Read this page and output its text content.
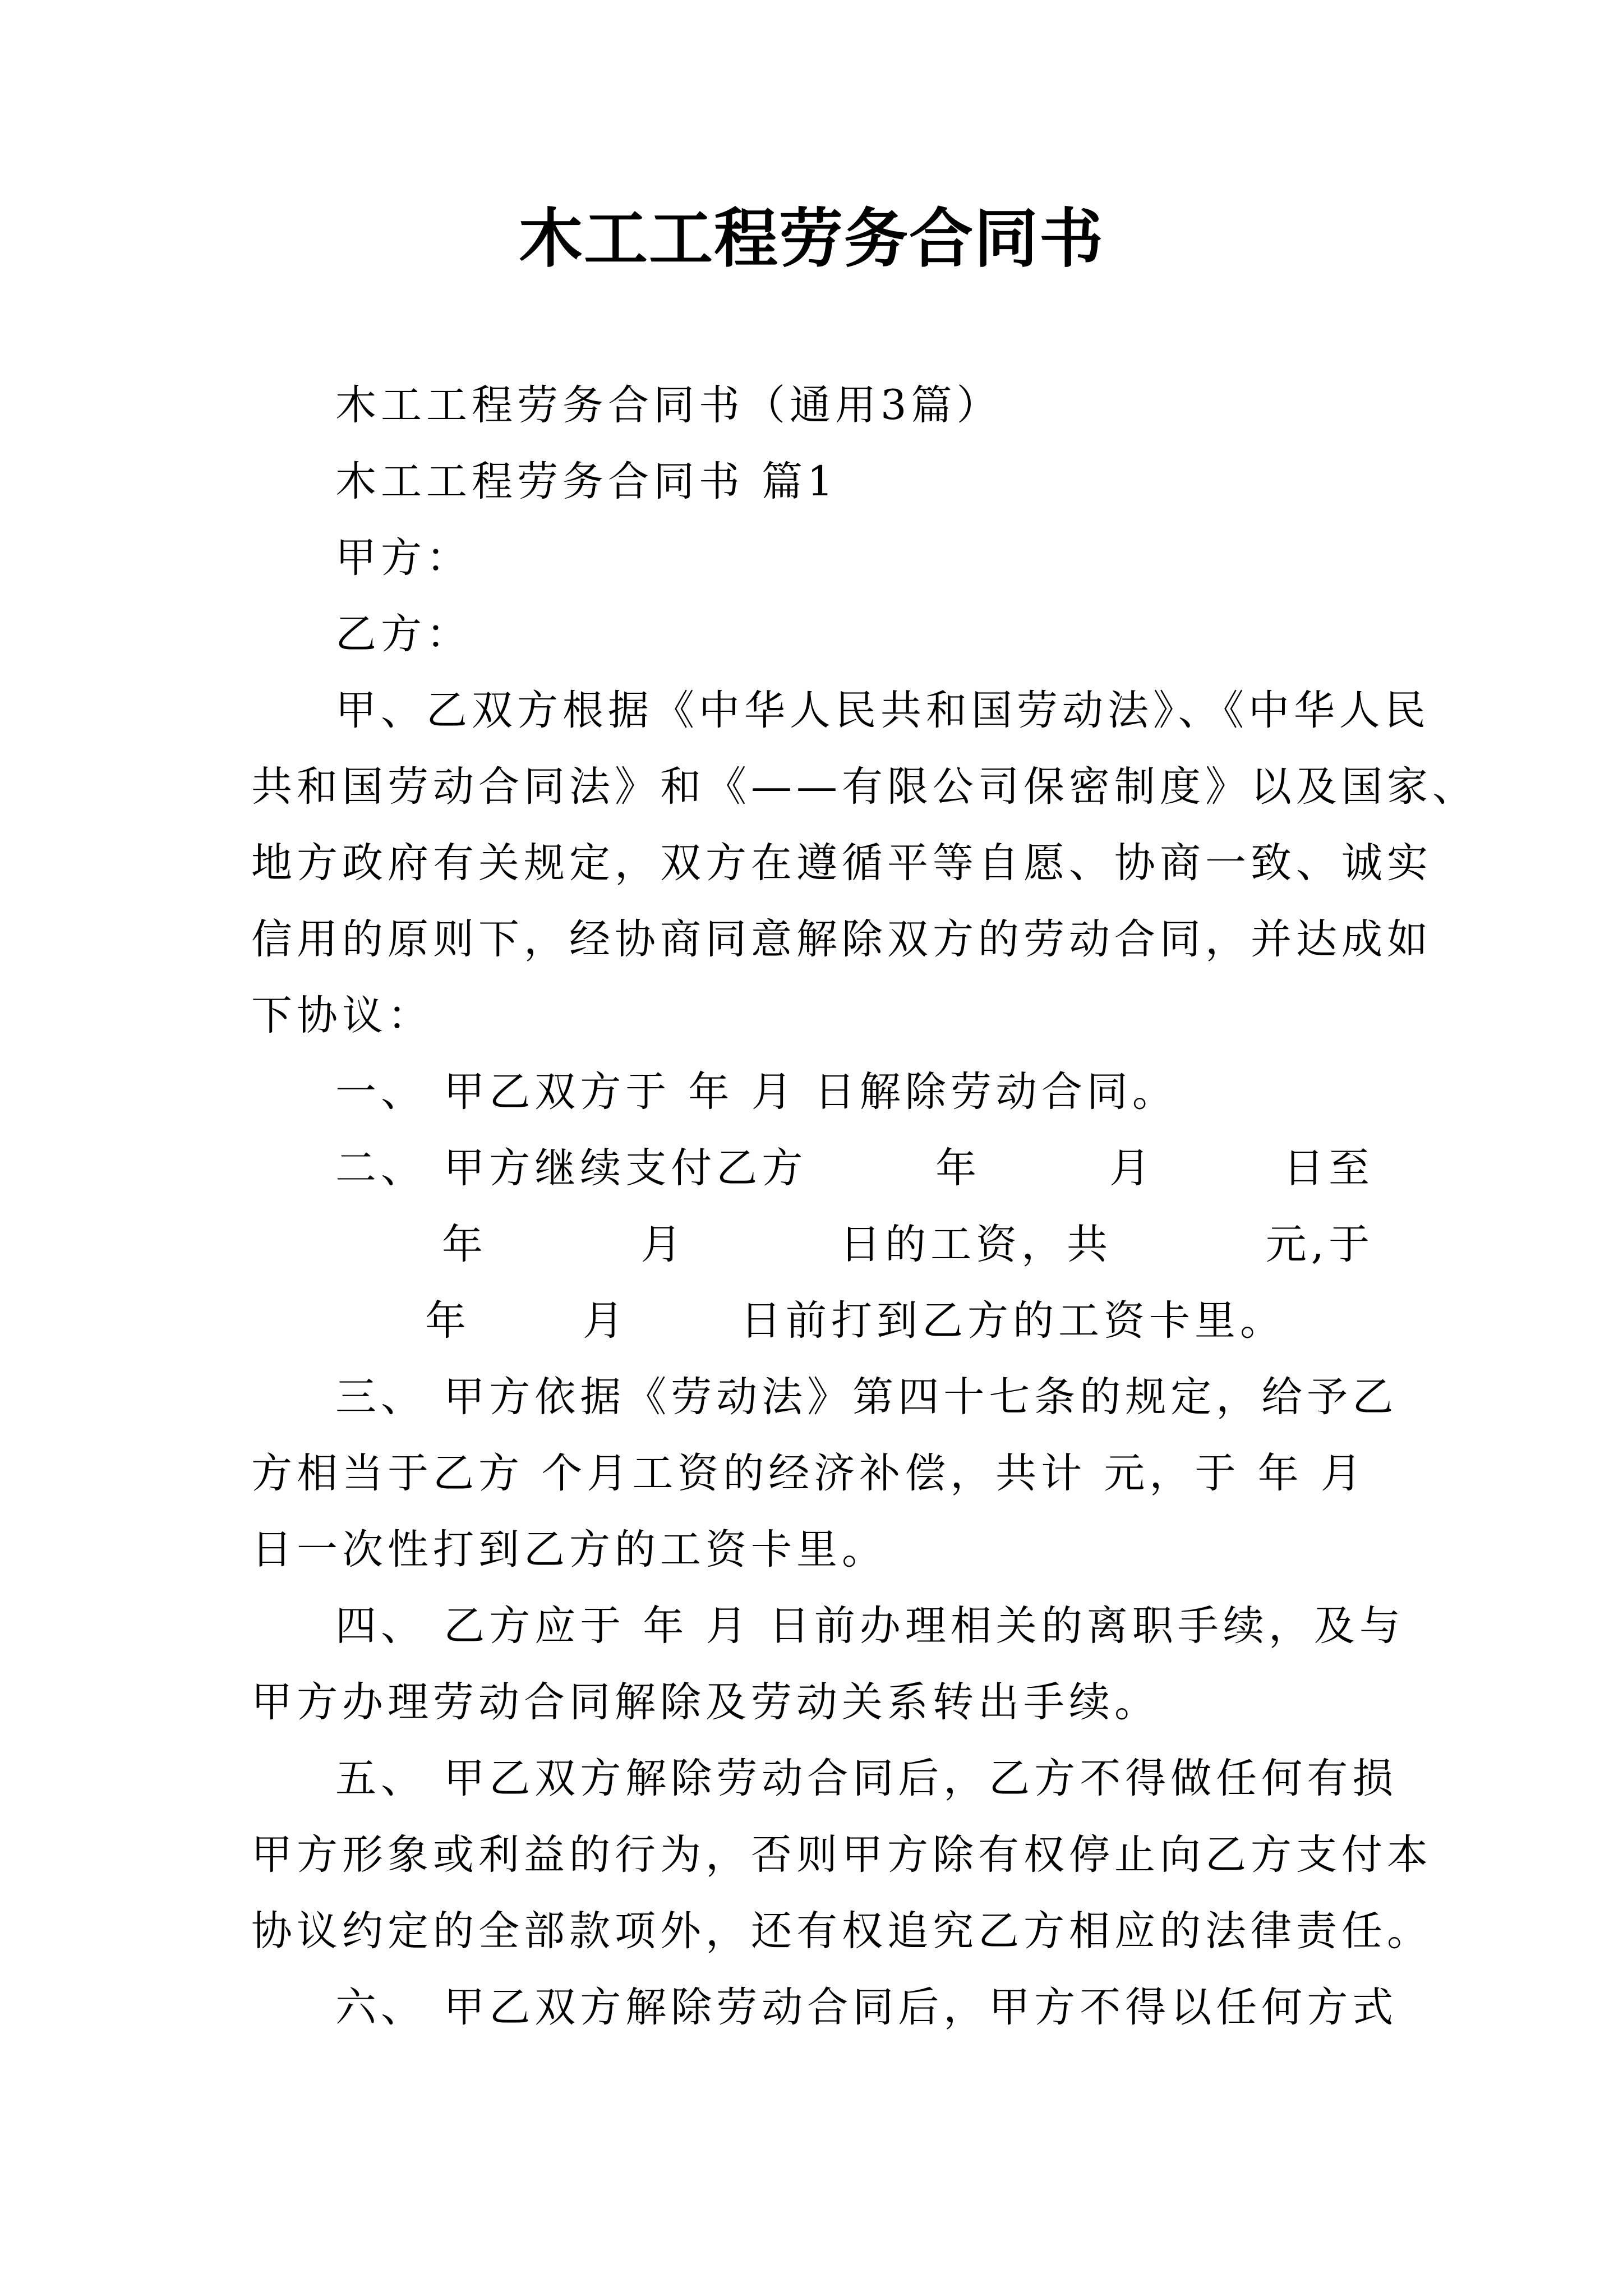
木工工程劳务合同书

木工工程劳务合同书（通用3篇）

木工工程劳务合同书 篇1

甲方：

乙方：

甲、乙双方根据《中华人民共和国劳动法》、《中华人民

共和国劳动合同法》和《——有限公司保密制度》以及国家、

地方政府有关规定，双方在遵循平等自愿、协商一致、诚实

信用的原则下，经协商同意解除双方的劳动合同，并达成如

下协议：

一、 甲乙双方于 年 月 日解除劳动合同。

二、 甲方继续支付乙方	年	月	日至

年	月	日的工资，共	元,于

年	月	日前打到乙方的工资卡里。

三、 甲方依据《劳动法》第四十七条的规定，给予乙

方相当于乙方 个月工资的经济补偿，共计 元，于 年 月

日一次性打到乙方的工资卡里。

四、 乙方应于 年 月 日前办理相关的离职手续，及与

甲方办理劳动合同解除及劳动关系转出手续。

五、 甲乙双方解除劳动合同后，乙方不得做任何有损

甲方形象或利益的行为，否则甲方除有权停止向乙方支付本

协议约定的全部款项外，还有权追究乙方相应的法律责任。

六、 甲乙双方解除劳动合同后，甲方不得以任何方式
